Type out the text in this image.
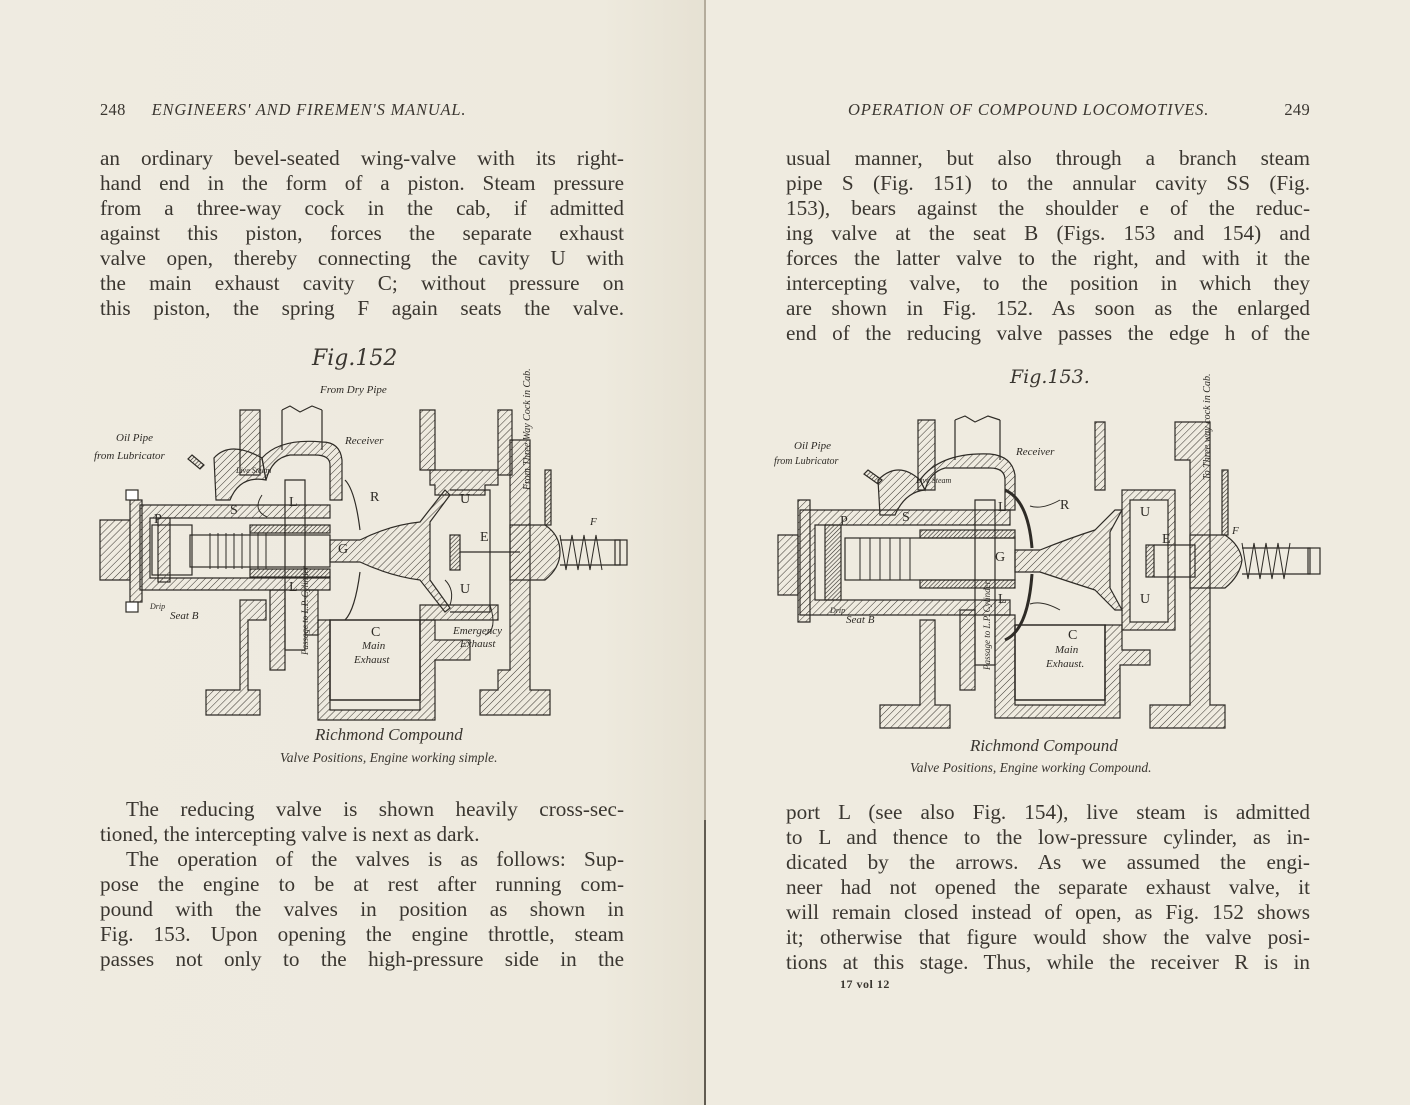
248 ENGINEERS' AND FIREMEN'S MANUAL.
an ordinary bevel-seated wing-valve with its right-
hand end in the form of a piston. Steam pressure
from a three-way cock in the cab, if admitted
against this piston, forces the separate exhaust
valve open, thereby connecting the cavity U with
the main exhaust cavity C; without pressure on
this piston, the spring F again seats the valve.
Fig.152
From Dry Pipe
Oil Pipe
from Lubricator
Receiver
Live Steam	From Three Way Cock in Cab.
P
S
L
L
R
G
U
U
E
F
Drip
Seat B	Passage to L.P. Cylinder	C
Main
Exhaust
Emergency
Exhaust
Richmond Compound
Valve Positions, Engine working simple.
The reducing valve is shown heavily cross-sec-
tioned, the intercepting valve is next as dark.
The operation of the valves is as follows: Sup-
pose the engine to be at rest after running com-
pound with the valves in position as shown in
Fig. 153. Upon opening the engine throttle, steam
passes not only to the high-pressure side in the
OPERATION OF COMPOUND LOCOMOTIVES.	249
usual manner, but also through a branch steam
pipe S (Fig. 151) to the annular cavity SS (Fig.
153), bears against the shoulder e of the reduc-
ing valve at the seat B (Figs. 153 and 154) and
forces the latter valve to the right, and with it the
intercepting valve, to the position in which they
are shown in Fig. 152. As soon as the enlarged
end of the reducing valve passes the edge h of the
Fig.153.
Oil Pipe
from Lubricator
Receiver
Live Steam
To Three way cock in Cab.
P	S
L
L
R
G
U
U
E
F
Drip
Seat B	Passage to L.P. Cylinder	C
Main
Exhaust.
Richmond Compound
Valve Positions, Engine working Compound.
port L (see also Fig. 154), live steam is admitted
to L and thence to the low-pressure cylinder, as in-
dicated by the arrows. As we assumed the engi-
neer had not opened the separate exhaust valve, it
will remain closed instead of open, as Fig. 152 shows
it; otherwise that figure would show the valve posi-
tions at this stage. Thus, while the receiver R is in
17 vol 12
